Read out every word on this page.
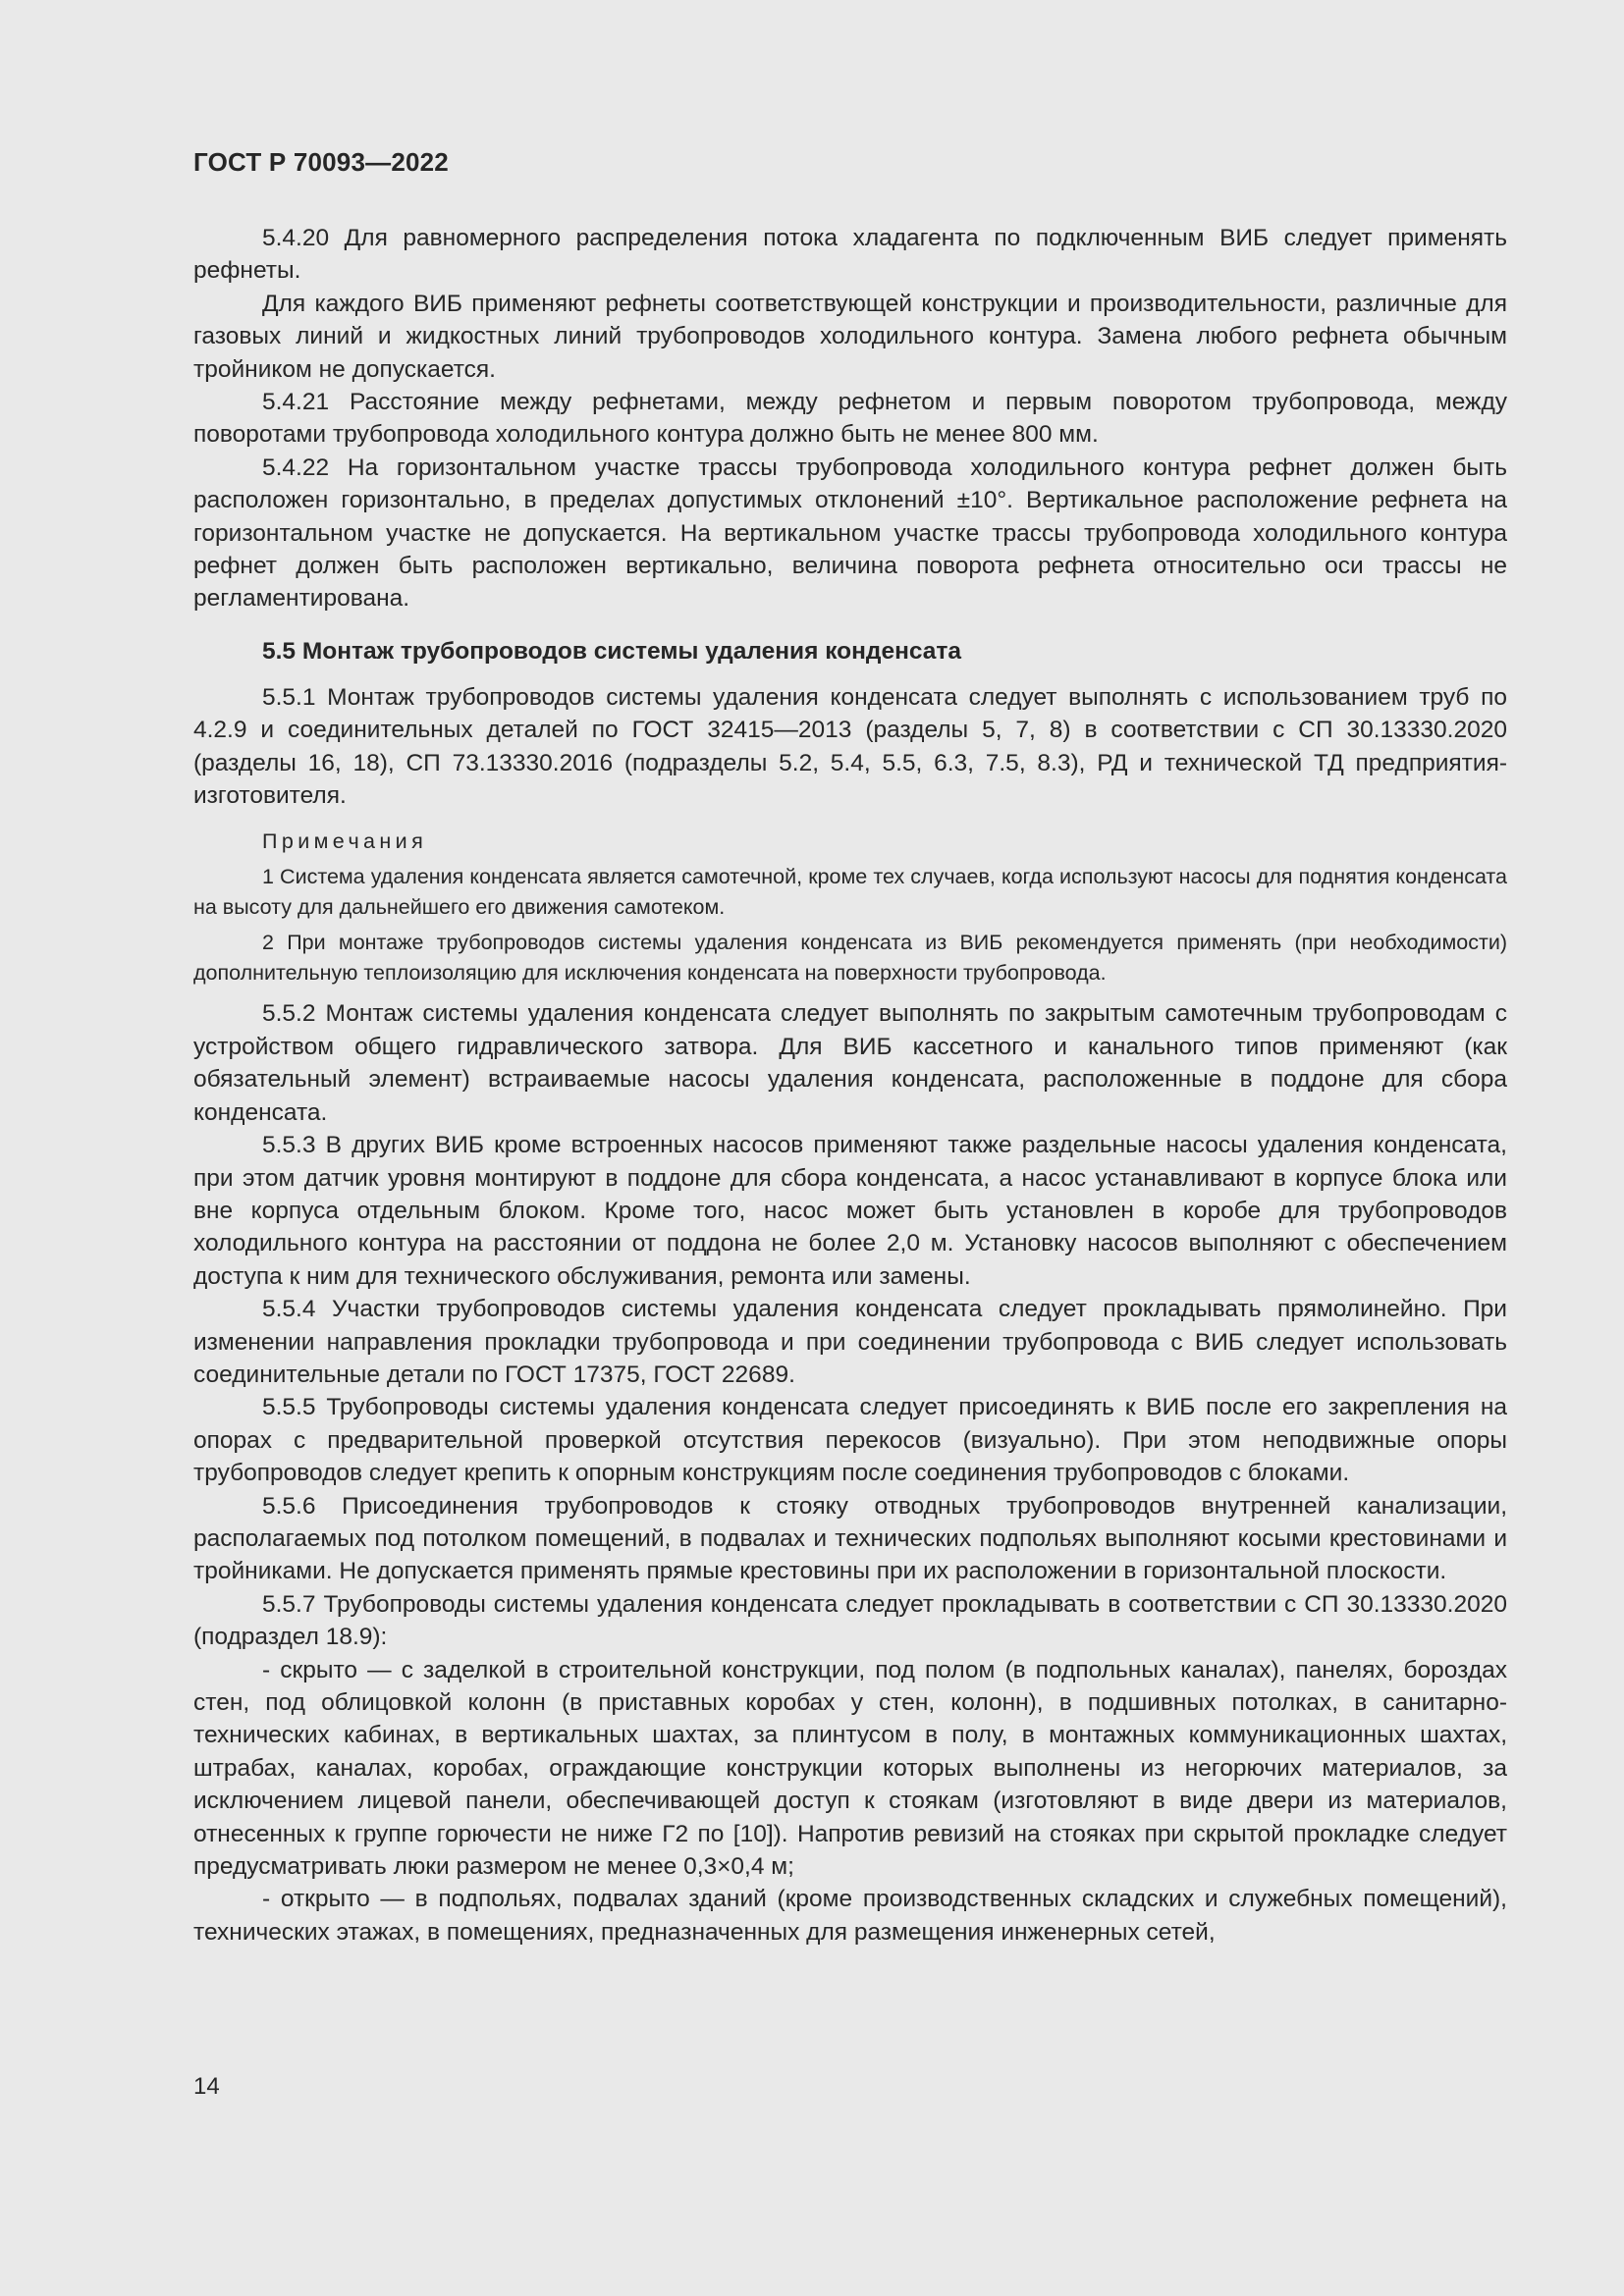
ГОСТ Р 70093—2022

5.4.20 Для равномерного распределения потока хладагента по подключенным ВИБ следует применять рефнеты.

Для каждого ВИБ применяют рефнеты соответствующей конструкции и производительности, различные для газовых линий и жидкостных линий трубопроводов холодильного контура. Замена любого рефнета обычным тройником не допускается.

5.4.21 Расстояние между рефнетами, между рефнетом и первым поворотом трубопровода, между поворотами трубопровода холодильного контура должно быть не менее 800 мм.

5.4.22 На горизонтальном участке трассы трубопровода холодильного контура рефнет должен быть расположен горизонтально, в пределах допустимых отклонений ±10°. Вертикальное расположение рефнета на горизонтальном участке не допускается. На вертикальном участке трассы трубопровода холодильного контура рефнет должен быть расположен вертикально, величина поворота рефнета относительно оси трассы не регламентирована.

5.5 Монтаж трубопроводов системы удаления конденсата

5.5.1 Монтаж трубопроводов системы удаления конденсата следует выполнять с использованием труб по 4.2.9 и соединительных деталей по ГОСТ 32415—2013 (разделы 5, 7, 8) в соответствии с СП 30.13330.2020 (разделы 16, 18), СП 73.13330.2016 (подразделы 5.2, 5.4, 5.5, 6.3, 7.5, 8.3), РД и технической ТД предприятия-изготовителя.

Примечания

1 Система удаления конденсата является самотечной, кроме тех случаев, когда используют насосы для поднятия конденсата на высоту для дальнейшего его движения самотеком.

2 При монтаже трубопроводов системы удаления конденсата из ВИБ рекомендуется применять (при необходимости) дополнительную теплоизоляцию для исключения конденсата на поверхности трубопровода.

5.5.2 Монтаж системы удаления конденсата следует выполнять по закрытым самотечным трубопроводам с устройством общего гидравлического затвора. Для ВИБ кассетного и канального типов применяют (как обязательный элемент) встраиваемые насосы удаления конденсата, расположенные в поддоне для сбора конденсата.

5.5.3 В других ВИБ кроме встроенных насосов применяют также раздельные насосы удаления конденсата, при этом датчик уровня монтируют в поддоне для сбора конденсата, а насос устанавливают в корпусе блока или вне корпуса отдельным блоком. Кроме того, насос может быть установлен в коробе для трубопроводов холодильного контура на расстоянии от поддона не более 2,0 м. Установку насосов выполняют с обеспечением доступа к ним для технического обслуживания, ремонта или замены.

5.5.4 Участки трубопроводов системы удаления конденсата следует прокладывать прямолинейно. При изменении направления прокладки трубопровода и при соединении трубопровода с ВИБ следует использовать соединительные детали по ГОСТ 17375, ГОСТ 22689.

5.5.5 Трубопроводы системы удаления конденсата следует присоединять к ВИБ после его закрепления на опорах с предварительной проверкой отсутствия перекосов (визуально). При этом неподвижные опоры трубопроводов следует крепить к опорным конструкциям после соединения трубопроводов с блоками.

5.5.6 Присоединения трубопроводов к стояку отводных трубопроводов внутренней канализации, располагаемых под потолком помещений, в подвалах и технических подпольях выполняют косыми крестовинами и тройниками. Не допускается применять прямые крестовины при их расположении в горизонтальной плоскости.

5.5.7 Трубопроводы системы удаления конденсата следует прокладывать в соответствии с СП 30.13330.2020 (подраздел 18.9):

- скрыто — с заделкой в строительной конструкции, под полом (в подпольных каналах), панелях, бороздах стен, под облицовкой колонн (в приставных коробах у стен, колонн), в подшивных потолках, в санитарно-технических кабинах, в вертикальных шахтах, за плинтусом в полу, в монтажных коммуникационных шахтах, штрабах, каналах, коробах, ограждающие конструкции которых выполнены из негорючих материалов, за исключением лицевой панели, обеспечивающей доступ к стоякам (изготовляют в виде двери из материалов, отнесенных к группе горючести не ниже Г2 по [10]). Напротив ревизий на стояках при скрытой прокладке следует предусматривать люки размером не менее 0,3×0,4 м;

- открыто — в подпольях, подвалах зданий (кроме производственных складских и служебных помещений), технических этажах, в помещениях, предназначенных для размещения инженерных сетей,

14
